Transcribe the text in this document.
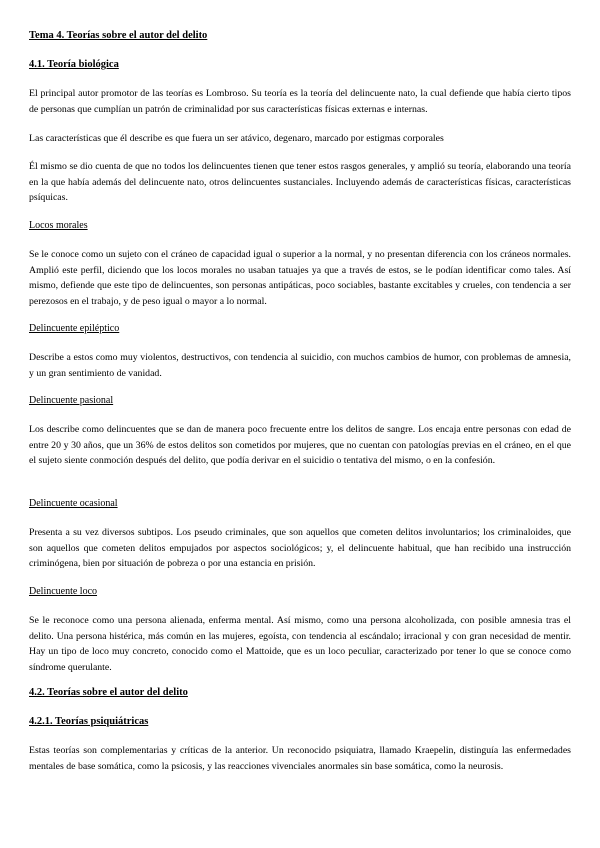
Tema 4. Teorías sobre el autor del delito
4.1. Teoría biológica

El principal autor promotor de las teorías es Lombroso. Su teoría es la teoría del delincuente nato, la cual defiende que había cierto tipos de personas que cumplían un patrón de criminalidad por sus características físicas externas e internas.

Las características que él describe es que fuera un ser atávico, degenaro, marcado por estigmas corporales

Él mismo se dio cuenta de que no todos los delincuentes tienen que tener estos rasgos generales, y amplió su teoría, elaborando una teoría en la que había además del delincuente nato, otros delincuentes sustanciales. Incluyendo además de características físicas, características psíquicas.

Locos morales

Se le conoce como un sujeto con el cráneo de capacidad igual o superior a la normal, y no presentan diferencia con los cráneos normales. Amplió este perfil, diciendo que los locos morales no usaban tatuajes ya que a través de estos, se le podían identificar como tales. Así mismo, defiende que este tipo de delincuentes, son personas antipáticas, poco sociables, bastante excitables y crueles, con tendencia a ser perezosos en el trabajo, y de peso igual o mayor a lo normal.

Delincuente epiléptico

Describe a estos como muy violentos, destructivos, con tendencia al suicidio, con muchos cambios de humor, con problemas de amnesia, y un gran sentimiento de vanidad.

Delincuente pasional

Los describe como delincuentes que se dan de manera poco frecuente entre los delitos de sangre. Los encaja entre personas con edad de entre 20 y 30 años, que un 36% de estos delitos son cometidos por mujeres, que no cuentan con patologías previas en el cráneo, en el que el sujeto siente conmoción después del delito, que podía derivar en el suicidio o tentativa del mismo, o en la confesión.

Delincuente ocasional

Presenta a su vez diversos subtipos. Los pseudo criminales, que son aquellos que cometen delitos involuntarios; los criminaloides, que son aquellos que cometen delitos empujados por aspectos sociológicos; y, el delincuente habitual, que han recibido una instrucción criminógena, bien por situación de pobreza o por una estancia en prisión.

Delincuente loco

Se le reconoce como una persona alienada, enferma mental. Así mismo, como una persona alcoholizada, con posible amnesia tras el delito. Una persona histérica, más común en las mujeres, egoísta, con tendencia al escándalo; irracional y con gran necesidad de mentir. Hay un tipo de loco muy concreto, conocido como el Mattoide, que es un loco peculiar, caracterizado por tener lo que se conoce como síndrome querulante.

4.2. Teorías sobre el autor del delito
4.2.1. Teorías psiquiátricas

Estas teorías son complementarias y críticas de la anterior. Un reconocido psiquiatra, llamado Kraepelin, distinguía las enfermedades mentales de base somática, como la psicosis, y las reacciones vivenciales anormales sin base somática, como la neurosis.
